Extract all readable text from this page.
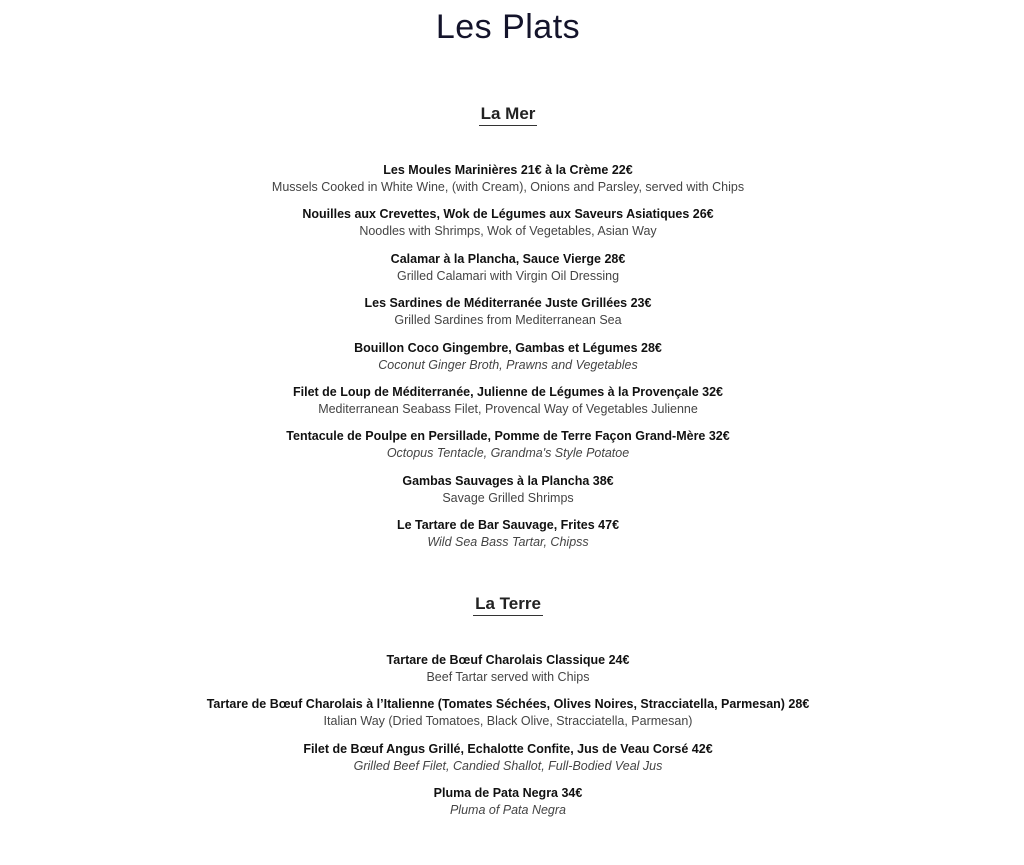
Les Plats
La Mer
Les Moules Marinières 21€ à la Crème 22€
Mussels Cooked in White Wine, (with Cream), Onions and Parsley, served with Chips
Nouilles aux Crevettes, Wok de Légumes aux Saveurs Asiatiques 26€
Noodles with Shrimps, Wok of Vegetables, Asian Way
Calamar à la Plancha, Sauce Vierge 28€
Grilled Calamari with Virgin Oil Dressing
Les Sardines de Méditerranée Juste Grillées 23€
Grilled Sardines from Mediterranean Sea
Bouillon Coco Gingembre, Gambas et Légumes 28€
Coconut Ginger Broth, Prawns and Vegetables
Filet de Loup de Méditerranée, Julienne de Légumes à la Provençale 32€
Mediterranean Seabass Filet, Provencal Way of Vegetables Julienne
Tentacule de Poulpe en Persillade, Pomme de Terre Façon Grand-Mère 32€
Octopus Tentacle, Grandma's Style Potatoe
Gambas Sauvages à la Plancha 38€
Savage Grilled Shrimps
Le Tartare de Bar Sauvage, Frites 47€
Wild Sea Bass Tartar, Chipss
La Terre
Tartare de Bœuf Charolais Classique 24€
Beef Tartar served with Chips
Tartare de Bœuf Charolais à l’Italienne (Tomates Séchées, Olives Noires, Stracciatella, Parmesan) 28€
Italian Way (Dried Tomatoes, Black Olive, Stracciatella, Parmesan)
Filet de Bœuf Angus Grillé, Echalotte Confite, Jus de Veau Corsé 42€
Grilled Beef Filet, Candied Shallot, Full-Bodied Veal Jus
Pluma de Pata Negra 34€
Pluma of Pata Negra
